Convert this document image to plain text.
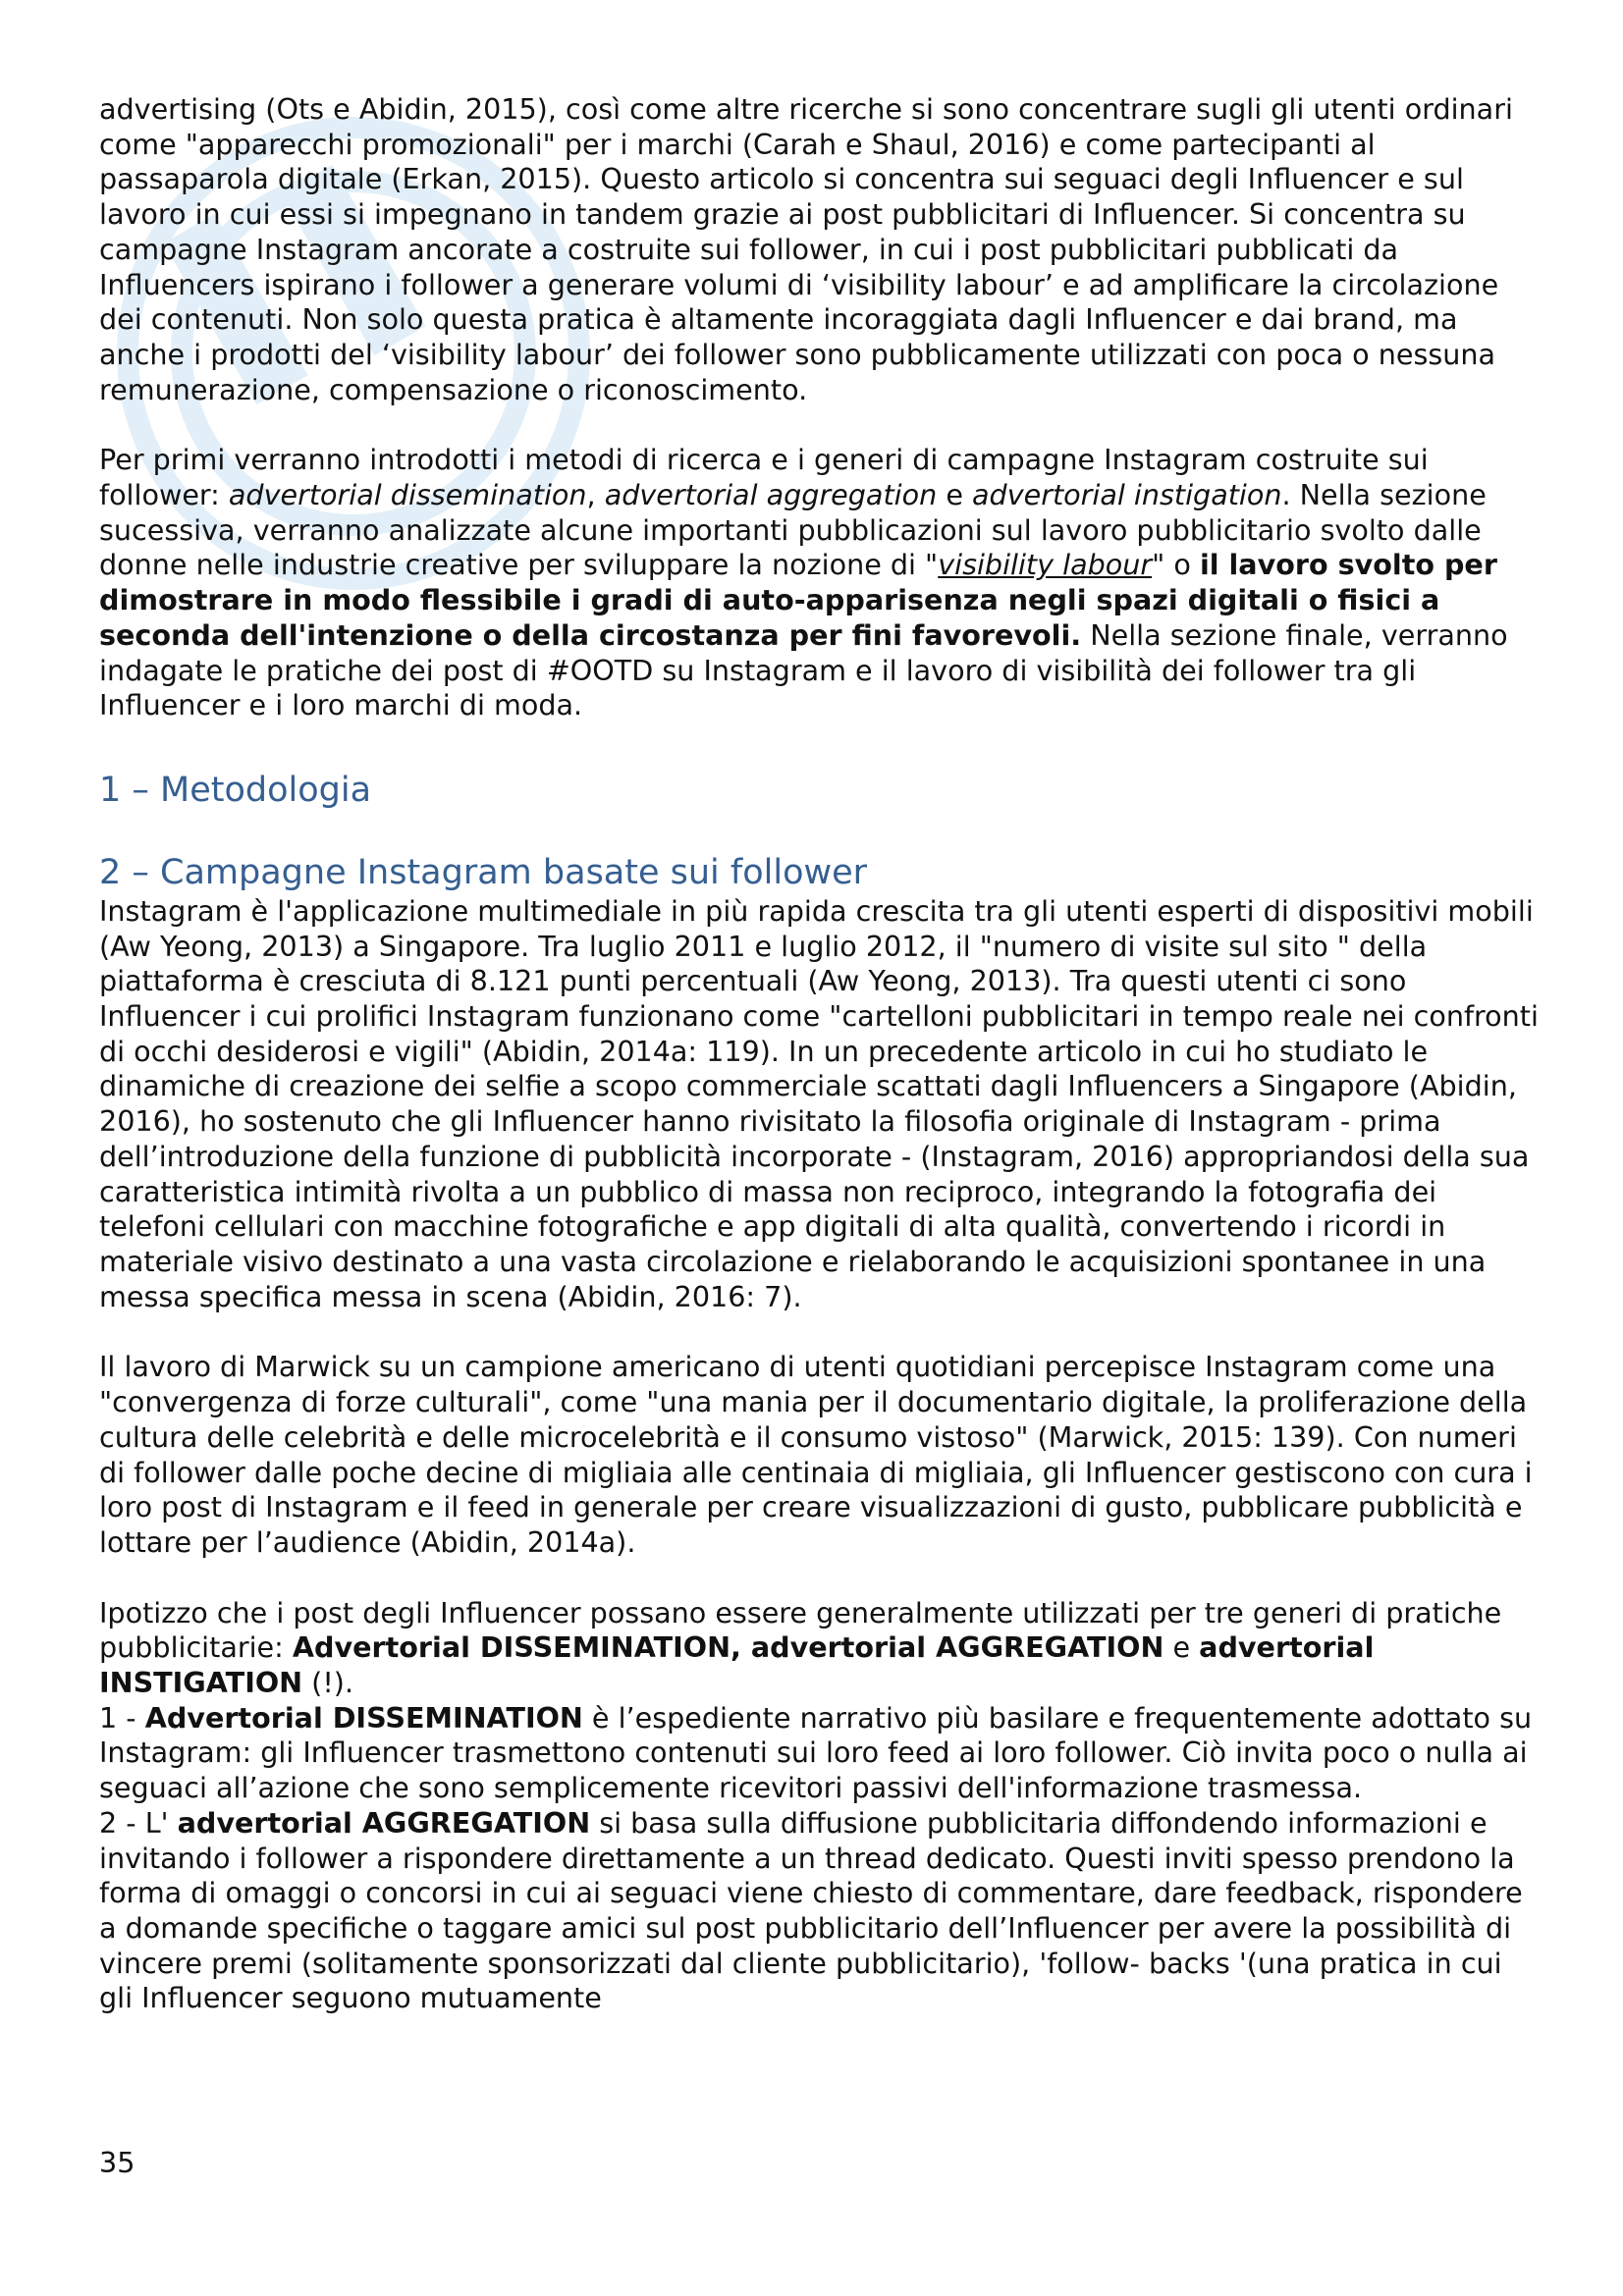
advertising (Ots e Abidin, 2015), così come altre ricerche si sono concentrare sugli gli utenti ordinari come "apparecchi promozionali" per i marchi (Carah e Shaul, 2016) e come partecipanti al passaparola digitale (Erkan, 2015). Questo articolo si concentra sui seguaci degli Influencer e sul lavoro in cui essi si impegnano in tandem grazie ai post pubblicitari di Influencer. Si concentra su campagne Instagram ancorate a costruite sui follower, in cui i post pubblicitari pubblicati da Influencers ispirano i follower a generare volumi di ‘visibility labour’ e ad amplificare la circolazione dei contenuti. Non solo questa pratica è altamente incoraggiata dagli Influencer e dai brand, ma anche i prodotti del ‘visibility labour’ dei follower sono pubblicamente utilizzati con poca o nessuna remunerazione, compensazione o riconoscimento.

Per primi verranno introdotti i metodi di ricerca e i generi di campagne Instagram costruite sui follower: advertorial dissemination, advertorial aggregation e advertorial instigation. Nella sezione sucessiva, verranno analizzate alcune importanti pubblicazioni sul lavoro pubblicitario svolto dalle donne nelle industrie creative per sviluppare la nozione di "visibility labour" o il lavoro svolto per dimostrare in modo flessibile i gradi di auto-apparisenza negli spazi digitali o fisici a seconda dell'intenzione o della circostanza per fini favorevoli. Nella sezione finale, verranno indagate le pratiche dei post di #OOTD su Instagram e il lavoro di visibilità dei follower tra gli Influencer e i loro marchi di moda.

1 – Metodologia
2 – Campagne Instagram basate sui follower

Instagram è l'applicazione multimediale in più rapida crescita tra gli utenti esperti di dispositivi mobili (Aw Yeong, 2013) a Singapore. Tra luglio 2011 e luglio 2012, il "numero di visite sul sito " della piattaforma è cresciuta di 8.121 punti percentuali (Aw Yeong, 2013). Tra questi utenti ci sono Influencer i cui prolifici Instagram funzionano come "cartelloni pubblicitari in tempo reale nei confronti di occhi desiderosi e vigili" (Abidin, 2014a: 119). In un precedente articolo in cui ho studiato le dinamiche di creazione dei selfie a scopo commerciale scattati dagli Influencers a Singapore (Abidin, 2016), ho sostenuto che gli Influencer hanno rivisitato la filosofia originale di Instagram - prima dell’introduzione della funzione di pubblicità incorporate - (Instagram, 2016) appropriandosi della sua caratteristica intimità rivolta a un pubblico di massa non reciproco, integrando la fotografia dei telefoni cellulari con macchine fotografiche e app digitali di alta qualità, convertendo i ricordi in materiale visivo destinato a una vasta circolazione e rielaborando le acquisizioni spontanee in una messa specifica messa in scena (Abidin, 2016: 7).

Il lavoro di Marwick su un campione americano di utenti quotidiani percepisce Instagram come una "convergenza di forze culturali", come "una mania per il documentario digitale, la proliferazione della cultura delle celebrità e delle microcelebrità e il consumo vistoso" (Marwick, 2015: 139). Con numeri di follower dalle poche decine di migliaia alle centinaia di migliaia, gli Influencer gestiscono con cura i loro post di Instagram e il feed in generale per creare visualizzazioni di gusto, pubblicare pubblicità e lottare per l’audience (Abidin, 2014a).

Ipotizzo che i post degli Influencer possano essere generalmente utilizzati per tre generi di pratiche pubblicitarie: Advertorial DISSEMINATION, advertorial AGGREGATION e advertorial INSTIGATION (!).

1 - Advertorial DISSEMINATION è l’espediente narrativo più basilare e frequentemente adottato su Instagram: gli Influencer trasmettono contenuti sui loro feed ai loro follower. Ciò invita poco o nulla ai seguaci all’azione che sono semplicemente ricevitori passivi dell'informazione trasmessa.

2 - L' advertorial AGGREGATION si basa sulla diffusione pubblicitaria diffondendo informazioni e invitando i follower a rispondere direttamente a un thread dedicato. Questi inviti spesso prendono la forma di omaggi o concorsi in cui ai seguaci viene chiesto di commentare, dare feedback, rispondere a domande specifiche o taggare amici sul post pubblicitario dell’Influencer per avere la possibilità di vincere premi (solitamente sponsorizzati dal cliente pubblicitario), 'follow- backs '(una pratica in cui gli Influencer seguono mutuamente

35
